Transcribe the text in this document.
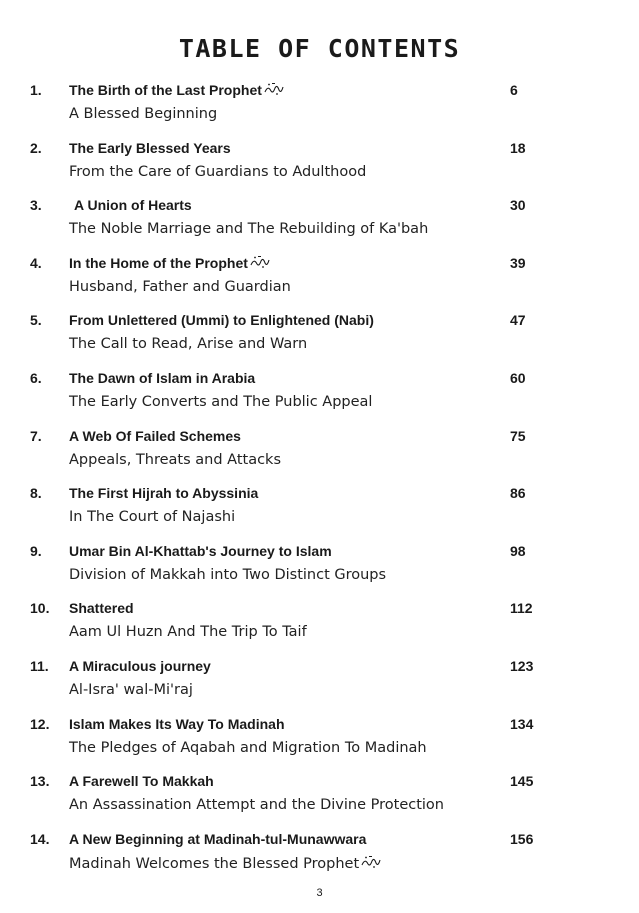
TABLE OF CONTENTS
1. The Birth of the Last Prophet	6
A Blessed Beginning
2. The Early Blessed Years	18
From the Care of Guardians to Adulthood
3. A Union of Hearts	30
The Noble Marriage and The Rebuilding of Ka'bah
4. In the Home of the Prophet	39
Husband, Father and Guardian
5. From Unlettered (Ummi) to Enlightened (Nabi)	47
The Call to Read, Arise and Warn
6. The Dawn of Islam in Arabia	60
The Early Converts and The Public Appeal
7. A Web Of Failed Schemes	75
Appeals, Threats and Attacks
8. The First Hijrah to Abyssinia	86
In The Court of Najashi
9. Umar Bin Al-Khattab's Journey to Islam	98
Division of Makkah into Two Distinct Groups
10. Shattered	112
Aam Ul Huzn And The Trip To Taif
11. A Miraculous journey	123
Al-Isra' wal-Mi'raj
12. Islam Makes Its Way To Madinah	134
The Pledges of Aqabah and Migration To Madinah
13. A Farewell To Makkah	145
An Assassination Attempt and the Divine Protection
14. A New Beginning at Madinah-tul-Munawwara	156
Madinah Welcomes the Blessed Prophet
3
